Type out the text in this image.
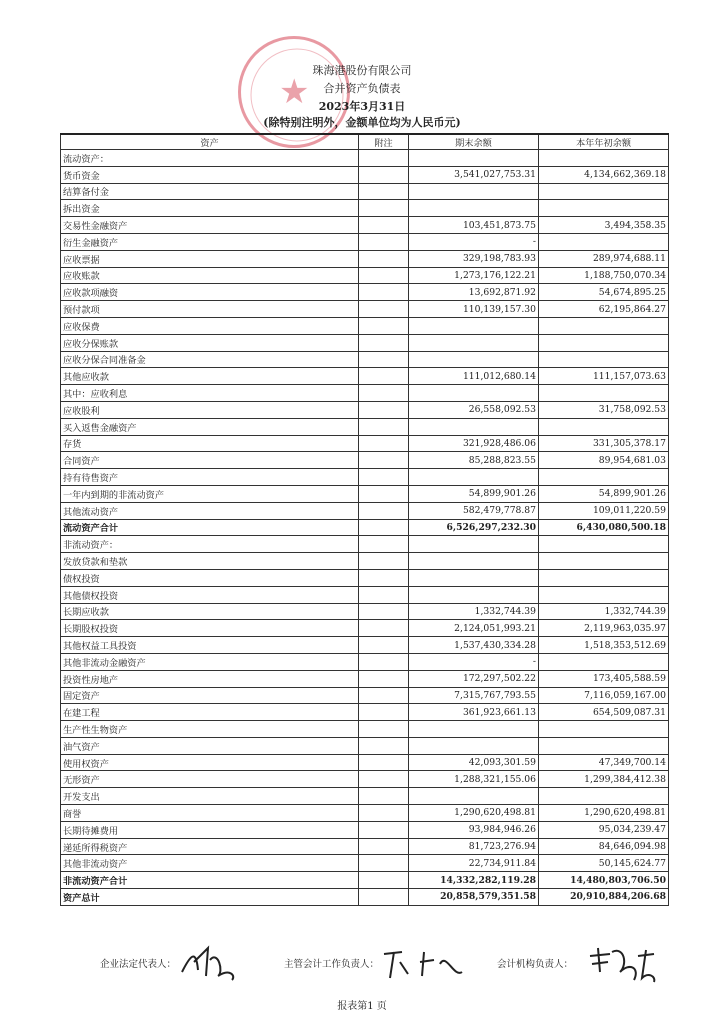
★
珠海港股份有限公司
合并资产负债表
2023年3月31日
(除特别注明外，金额单位均为人民币元)
资产	附注	期末余额	本年年初余额
流动资产：			
货币资金		3,541,027,753.31	4,134,662,369.18
结算备付金			
拆出资金			
交易性金融资产		103,451,873.75	3,494,358.35
衍生金融资产		-	
应收票据		329,198,783.93	289,974,688.11
应收账款		1,273,176,122.21	1,188,750,070.34
应收款项融资		13,692,871.92	54,674,895.25
预付款项		110,139,157.30	62,195,864.27
应收保费			
应收分保账款			
应收分保合同准备金			
其他应收款		111,012,680.14	111,157,073.63
其中：应收利息			
应收股利		26,558,092.53	31,758,092.53
买入返售金融资产			
存货		321,928,486.06	331,305,378.17
合同资产		85,288,823.55	89,954,681.03
持有待售资产			
一年内到期的非流动资产		54,899,901.26	54,899,901.26
其他流动资产		582,479,778.87	109,011,220.59
流动资产合计		6,526,297,232.30	6,430,080,500.18
非流动资产：			
发放贷款和垫款			
债权投资			
其他债权投资			
长期应收款		1,332,744.39	1,332,744.39
长期股权投资		2,124,051,993.21	2,119,963,035.97
其他权益工具投资		1,537,430,334.28	1,518,353,512.69
其他非流动金融资产		-	
投资性房地产		172,297,502.22	173,405,588.59
固定资产		7,315,767,793.55	7,116,059,167.00
在建工程		361,923,661.13	654,509,087.31
生产性生物资产			
油气资产			
使用权资产		42,093,301.59	47,349,700.14
无形资产		1,288,321,155.06	1,299,384,412.38
开发支出			
商誉		1,290,620,498.81	1,290,620,498.81
长期待摊费用		93,984,946.26	95,034,239.47
递延所得税资产		81,723,276.94	84,646,094.98
其他非流动资产		22,734,911.84	50,145,624.77
非流动资产合计		14,332,282,119.28	14,480,803,706.50
资产总计		20,858,579,351.58	20,910,884,206.68
企业法定代表人：	主管会计工作负责人：	会计机构负责人：
报表第1 页
